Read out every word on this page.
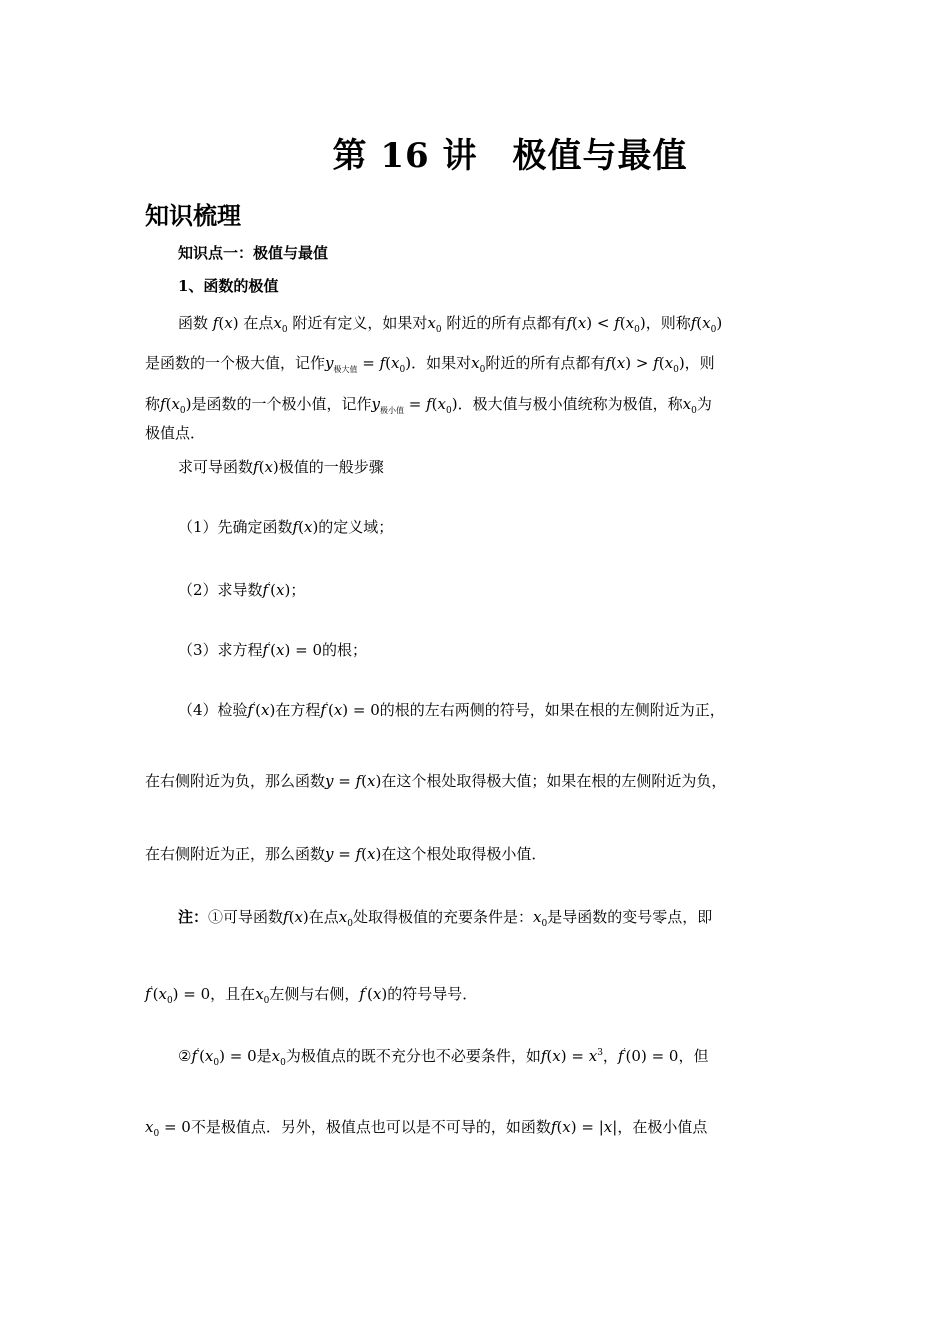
第 16 讲　极值与最值
知识梳理
知识点一：极值与最值
1、函数的极值
函数 f(x) 在点$x_0$ 附近有定义，如果对$x_0$ 附近的所有点都有$f(x) < f(x_0)$，则称$f(x_0)$
是函数的一个极大值，记作$y_{极大值} = f(x_0)$．如果对$x_0$附近的所有点都有$f(x) > f(x_0)$，则
称$f(x_0)$是函数的一个极小值，记作$y_{极小值} = f(x_0)$．极大值与极小值统称为极值，称$x_0$为
极值点．
求可导函数f(x)极值的一般步骤
（1）先确定函数f(x)的定义域；
（2）求导数f′(x)；
（3）求方程f′(x) = 0的根；
（4）检验f′(x)在方程f′(x) = 0的根的左右两侧的符号，如果在根的左侧附近为正，
在右侧附近为负，那么函数y = f(x)在这个根处取得极大值；如果在根的左侧附近为负，
在右侧附近为正，那么函数y = f(x)在这个根处取得极小值．
注：①可导函数f(x)在点$x_0$处取得极值的充要条件是：$x_0$是导函数的变号零点，即
$f'(x_0) = 0$，且在$x_0$左侧与右侧，f′(x)的符号导号．
$②f'(x_0) = 0$是$x_0$为极值点的既不充分也不必要条件，如$f(x) = x^3$，f′(0) = 0，但
$x_0 = 0$不是极值点．另外，极值点也可以是不可导的，如函数f(x) = |x|，在极小值点
